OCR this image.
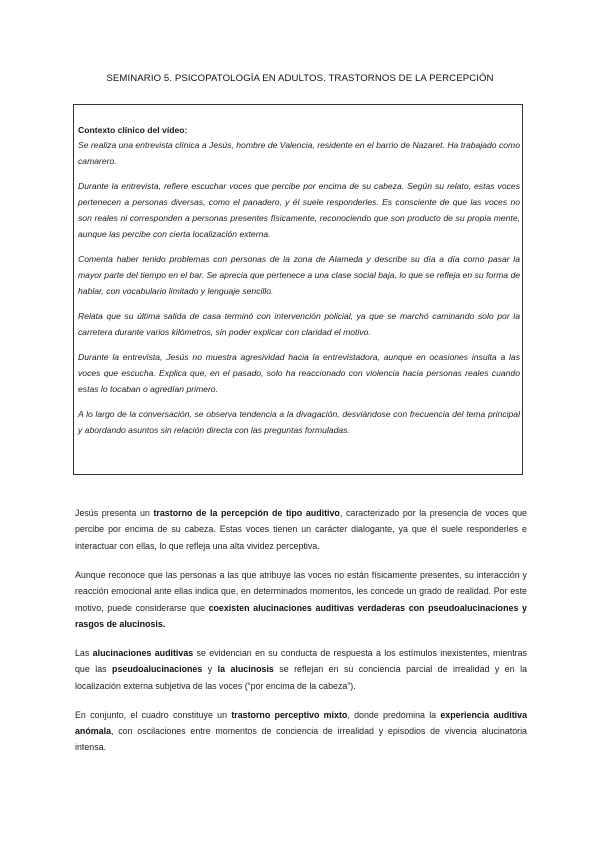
SEMINARIO 5. PSICOPATOLOGÍA EN ADULTOS. TRASTORNOS DE LA PERCEPCIÓN
Contexto clínico del vídeo:

Se realiza una entrevista clínica a Jesús, hombre de Valencia, residente en el barrio de Nazaret. Ha trabajado como camarero.

Durante la entrevista, refiere escuchar voces que percibe por encima de su cabeza. Según su relato, estas voces pertenecen a personas diversas, como el panadero, y él suele responderles. Es consciente de que las voces no son reales ni corresponden a personas presentes físicamente, reconociendo que son producto de su propia mente, aunque las percibe con cierta localización externa.

Comenta haber tenido problemas con personas de la zona de Alameda y describe su día a día como pasar la mayor parte del tiempo en el bar. Se aprecia que pertenece a una clase social baja, lo que se refleja en su forma de hablar, con vocabulario limitado y lenguaje sencillo.

Relata que su última salida de casa terminó con intervención policial, ya que se marchó caminando solo por la carretera durante varios kilómetros, sin poder explicar con claridad el motivo.

Durante la entrevista, Jesús no muestra agresividad hacia la entrevistadora, aunque en ocasiones insulta a las voces que escucha. Explica que, en el pasado, solo ha reaccionado con violencia hacia personas reales cuando estas lo tocaban o agredían primero.

A lo largo de la conversación, se observa tendencia a la divagación, desviándose con frecuencia del tema principal y abordando asuntos sin relación directa con las preguntas formuladas.

Jesús presenta un trastorno de la percepción de tipo auditivo, caracterizado por la presencia de voces que percibe por encima de su cabeza. Estas voces tienen un carácter dialogante, ya que él suele responderles e interactuar con ellas, lo que refleja una alta vividez perceptiva.

Aunque reconoce que las personas a las que atribuye las voces no están físicamente presentes, su interacción y reacción emocional ante ellas indica que, en determinados momentos, les concede un grado de realidad. Por este motivo, puede considerarse que coexisten alucinaciones auditivas verdaderas con pseudoalucinaciones y rasgos de alucinosis.

Las alucinaciones auditivas se evidencian en su conducta de respuesta a los estímulos inexistentes, mientras que las pseudoalucinaciones y la alucinosis se reflejan en su conciencia parcial de irrealidad y en la localización externa subjetiva de las voces (“por encima de la cabeza”).

En conjunto, el cuadro constituye un trastorno perceptivo mixto, donde predomina la experiencia auditiva anómala, con oscilaciones entre momentos de conciencia de irrealidad y episodios de vivencia alucinatoria intensa.
